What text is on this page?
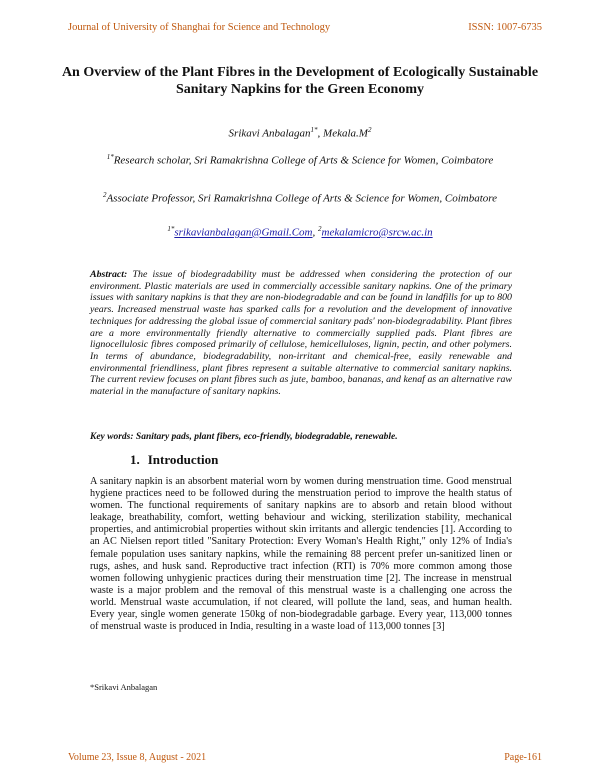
Journal of University of Shanghai for Science and Technology	ISSN: 1007-6735
An Overview of the Plant Fibres in the Development of Ecologically Sustainable Sanitary Napkins for the Green Economy
Srikavi Anbalagan$^{1*}$, $Mekala.M^2$
$^{1*}$Research scholar, Sri Ramakrishna College of Arts & Science for Women, Coimbatore
$^2$Associate Professor, Sri Ramakrishna College of Arts & Science for Women, Coimbatore
$^{1*}$srikavianbalagan@Gmail.Com, $^2$mekalamicro@srcw.ac.in
Abstract: The issue of biodegradability must be addressed when considering the protection of our environment. Plastic materials are used in commercially accessible sanitary napkins. One of the primary issues with sanitary napkins is that they are non-biodegradable and can be found in landfills for up to 800 years. Increased menstrual waste has sparked calls for a revolution and the development of innovative techniques for addressing the global issue of commercial sanitary pads' non-biodegradability. Plant fibres are a more environmentally friendly alternative to commercially supplied pads. Plant fibres are lignocellulosic fibres composed primarily of cellulose, hemicelluloses, lignin, pectin, and other polymers. In terms of abundance, biodegradability, non-irritant and chemical-free, easily renewable and environmental friendliness, plant fibres represent a suitable alternative to commercial sanitary napkins. The current review focuses on plant fibres such as jute, bamboo, bananas, and kenaf as an alternative raw material in the manufacture of sanitary napkins.
Key words: Sanitary pads, plant fibers, eco-friendly, biodegradable, renewable.
1. Introduction
A sanitary napkin is an absorbent material worn by women during menstruation time. Good menstrual hygiene practices need to be followed during the menstruation period to improve the health status of women. The functional requirements of sanitary napkins are to absorb and retain blood without leakage, breathability, comfort, wetting behaviour and wicking, sterilization stability, mechanical properties, and antimicrobial properties without skin irritants and allergic tendencies [1]. According to an AC Nielsen report titled "Sanitary Protection: Every Woman's Health Right," only 12% of India's female population uses sanitary napkins, while the remaining 88 percent prefer un-sanitized linen or rugs, ashes, and husk sand. Reproductive tract infection (RTI) is 70% more common among those women following unhygienic practices during their menstruation time [2]. The increase in menstrual waste is a major problem and the removal of this menstrual waste is a challenging one across the world. Menstrual waste accumulation, if not cleared, will pollute the land, seas, and human health. Every year, single women generate 150kg of non-biodegradable garbage. Every year, 113,000 tonnes of menstrual waste is produced in India, resulting in a waste load of 113,000 tonnes [3]
*Srikavi Anbalagan
Volume 23, Issue 8, August - 2021	Page-161
